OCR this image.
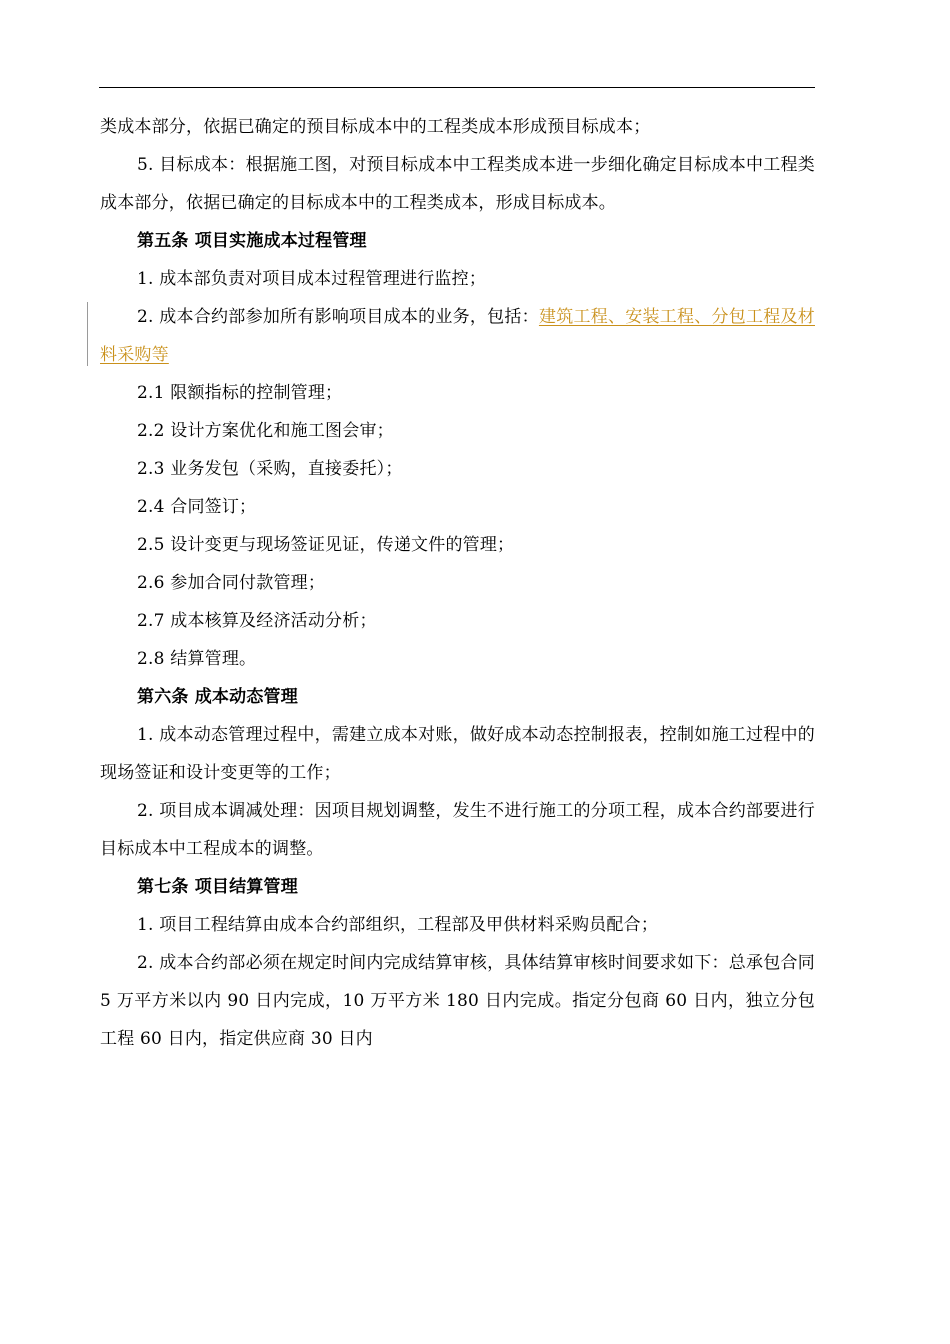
类成本部分，依据已确定的预目标成本中的工程类成本形成预目标成本；

5. 目标成本：根据施工图，对预目标成本中工程类成本进一步细化确定目标成本中工程类成本部分，依据已确定的目标成本中的工程类成本，形成目标成本。

第五条 项目实施成本过程管理

1. 成本部负责对项目成本过程管理进行监控；

2. 成本合约部参加所有影响项目成本的业务，包括：建筑工程、安装工程、分包工程及材料采购等

2.1 限额指标的控制管理；

2.2 设计方案优化和施工图会审；

2.3 业务发包（采购，直接委托）；

2.4 合同签订；

2.5 设计变更与现场签证见证，传递文件的管理；

2.6 参加合同付款管理；

2.7 成本核算及经济活动分析；

2.8 结算管理。

第六条 成本动态管理

1. 成本动态管理过程中，需建立成本对账，做好成本动态控制报表，控制如施工过程中的现场签证和设计变更等的工作；

2. 项目成本调减处理：因项目规划调整，发生不进行施工的分项工程，成本合约部要进行目标成本中工程成本的调整。

第七条 项目结算管理

1. 项目工程结算由成本合约部组织，工程部及甲供材料采购员配合；

2. 成本合约部必须在规定时间内完成结算审核，具体结算审核时间要求如下：总承包合同 5 万平方米以内 90 日内完成，10 万平方米 180 日内完成。指定分包商 60 日内，独立分包工程 60 日内，指定供应商 30 日内
